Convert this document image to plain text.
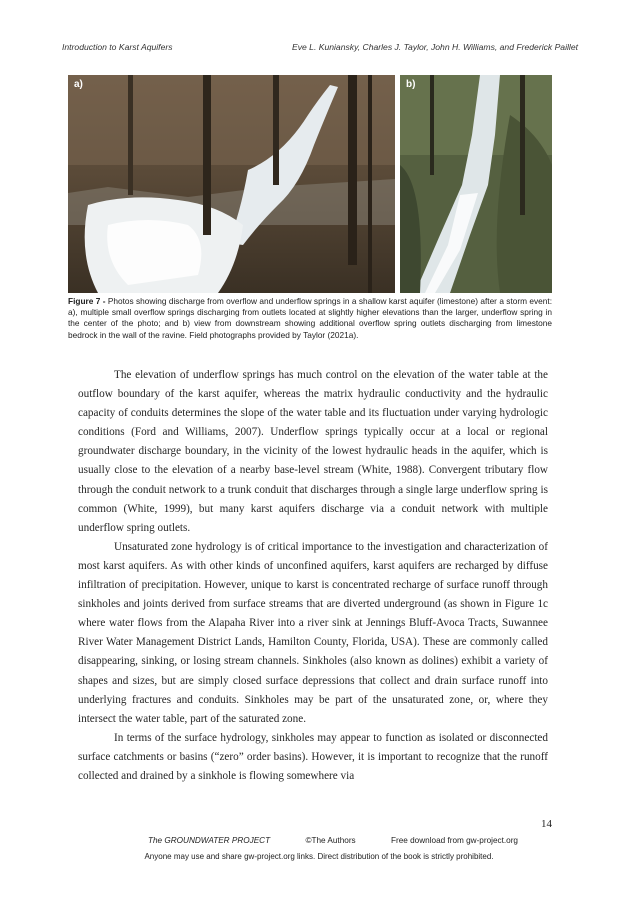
Introduction to Karst Aquifers	Eve L. Kuniansky, Charles J. Taylor, John H. Williams, and Frederick Paillet
a)	b)
Figure 7 - Photos showing discharge from overflow and underflow springs in a shallow karst aquifer (limestone) after a storm event: a), multiple small overflow springs discharging from outlets located at slightly higher elevations than the larger, underflow spring in the center of the photo; and b) view from downstream showing additional overflow spring outlets discharging from limestone bedrock in the wall of the ravine. Field photographs provided by Taylor (2021a).

The elevation of underflow springs has much control on the elevation of the water table at the outflow boundary of the karst aquifer, whereas the matrix hydraulic conductivity and the hydraulic capacity of conduits determines the slope of the water table and its fluctuation under varying hydrologic conditions (Ford and Williams, 2007). Underflow springs typically occur at a local or regional groundwater discharge boundary, in the vicinity of the lowest hydraulic heads in the aquifer, which is usually close to the elevation of a nearby base-level stream (White, 1988). Convergent tributary flow through the conduit network to a trunk conduit that discharges through a single large underflow spring is common (White, 1999), but many karst aquifers discharge via a conduit network with multiple underflow spring outlets.

Unsaturated zone hydrology is of critical importance to the investigation and characterization of most karst aquifers. As with other kinds of unconfined aquifers, karst aquifers are recharged by diffuse infiltration of precipitation. However, unique to karst is concentrated recharge of surface runoff through sinkholes and joints derived from surface streams that are diverted underground (as shown in Figure 1c where water flows from the Alapaha River into a river sink at Jennings Bluff-Avoca Tracts, Suwannee River Water Management District Lands, Hamilton County, Florida, USA). These are commonly called disappearing, sinking, or losing stream channels. Sinkholes (also known as dolines) exhibit a variety of shapes and sizes, but are simply closed surface depressions that collect and drain surface runoff into underlying fractures and conduits. Sinkholes may be part of the unsaturated zone, or, where they intersect the water table, part of the saturated zone.

In terms of the surface hydrology, sinkholes may appear to function as isolated or disconnected surface catchments or basins (“zero” order basins). However, it is important to recognize that the runoff collected and drained by a sinkhole is flowing somewhere via

14
The GROUNDWATER PROJECT	©The Authors	Free download from gw-project.org
Anyone may use and share gw-project.org links. Direct distribution of the book is strictly prohibited.
